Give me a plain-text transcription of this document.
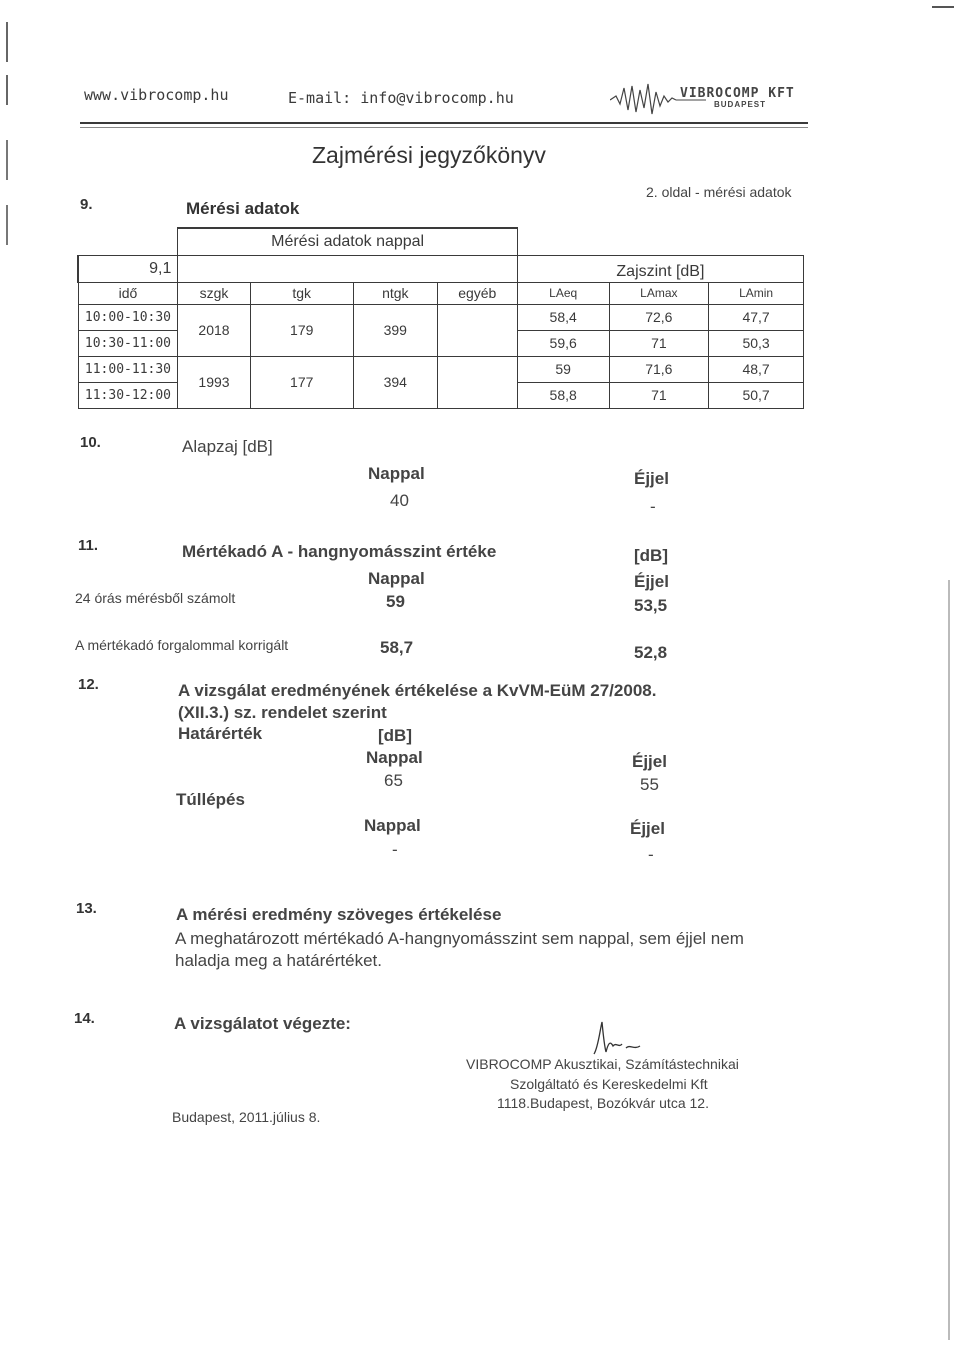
www.vibrocomp.hu	E-mail: info@vibrocomp.hu	VIBROCOMP KFT
BUDAPEST
Zajmérési jegyzőkönyv
2. oldal - mérési adatok
9.	Mérési adatok
	Mérési adatok nappal						
9,1					Zajszint [dB]		
idő	szgk	tgk	ntgk	egyéb	LAeq	LAmax	LAmin
10:00-10:30	2018	179	399		58,4	72,6	47,7
10:30-11:00					59,6	71	50,3
11:00-11:30	1993	177	394		59	71,6	48,7
11:30-12:00					58,8	71	50,7
10.	Alapzaj [dB]
Nappal	Éjjel
40	-
11.	Mértékadó A - hangnyomásszint értéke	[dB]
Nappal	Éjjel
24 órás mérésből számolt	59	53,5
A mértékadó forgalommal korrigált	58,7	52,8
12.	A vizsgálat eredményének értékelése a KvVM-EüM 27/2008.
(XII.3.) sz. rendelet szerint
Határérték	[dB]
Nappal	Éjjel
65	55
Túllépés
Nappal	Éjjel
-	-
13.	A mérési eredmény szöveges értékelése
A meghatározott mértékadó A-hangnyomásszint sem nappal, sem éjjel nem
haladja meg a határértéket.
14.	A vizsgálatot végezte:
VIBROCOMP Akusztikai, Számítástechnikai
Szolgáltató és Kereskedelmi Kft
1118.Budapest, Bozókvár utca 12.
Budapest, 2011.július 8.
